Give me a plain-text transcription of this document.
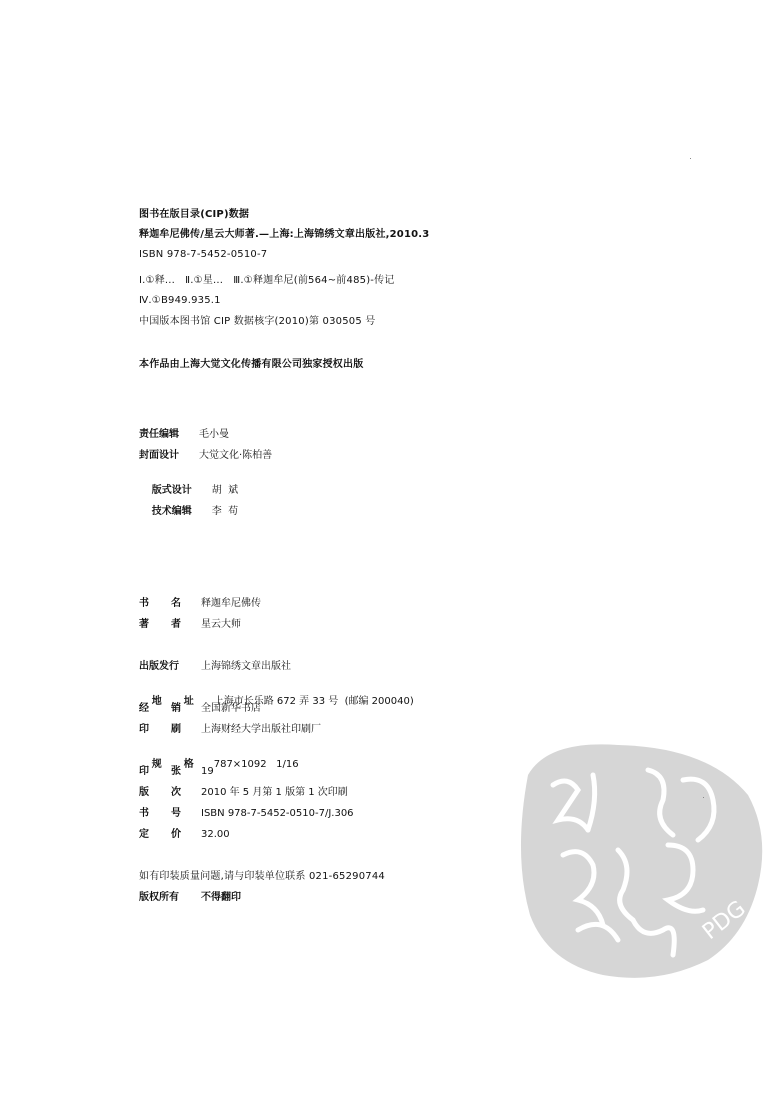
图书在版目录(CIP)数据
释迦牟尼佛传/星云大师著.—上海:上海锦绣文章出版社,2010.3
ISBN 978-7-5452-0510-7
Ⅰ.①释...   Ⅱ.①星...   Ⅲ.①释迦牟尼(前564~前485)-传记
Ⅳ.①B949.935.1
中国版本图书馆 CIP 数据核字(2010)第 030505 号
本作品由上海大觉文化传播有限公司独家授权出版
责任编辑 毛小曼
封面设计 大觉文化·陈柏善

版式设计 胡  斌

技术编辑 李  苟

书 名 释迦牟尼佛传
著 者 星云大师
出版发行 上海锦绣文章出版社

地 址 上海市长乐路 672 弄 33 号  (邮编 200040)

经 销 全国新华书店
印 刷 上海财经大学出版社印刷厂

规 格 787×1092   1/16

印 张 19
版 次 2010 年 5 月第 1 版第 1 次印刷
书 号 ISBN 978-7-5452-0510-7/J.306
定 价 32.00
如有印装质量问题,请与印装单位联系 021-65290744
版权所有 不得翻印	PDG
